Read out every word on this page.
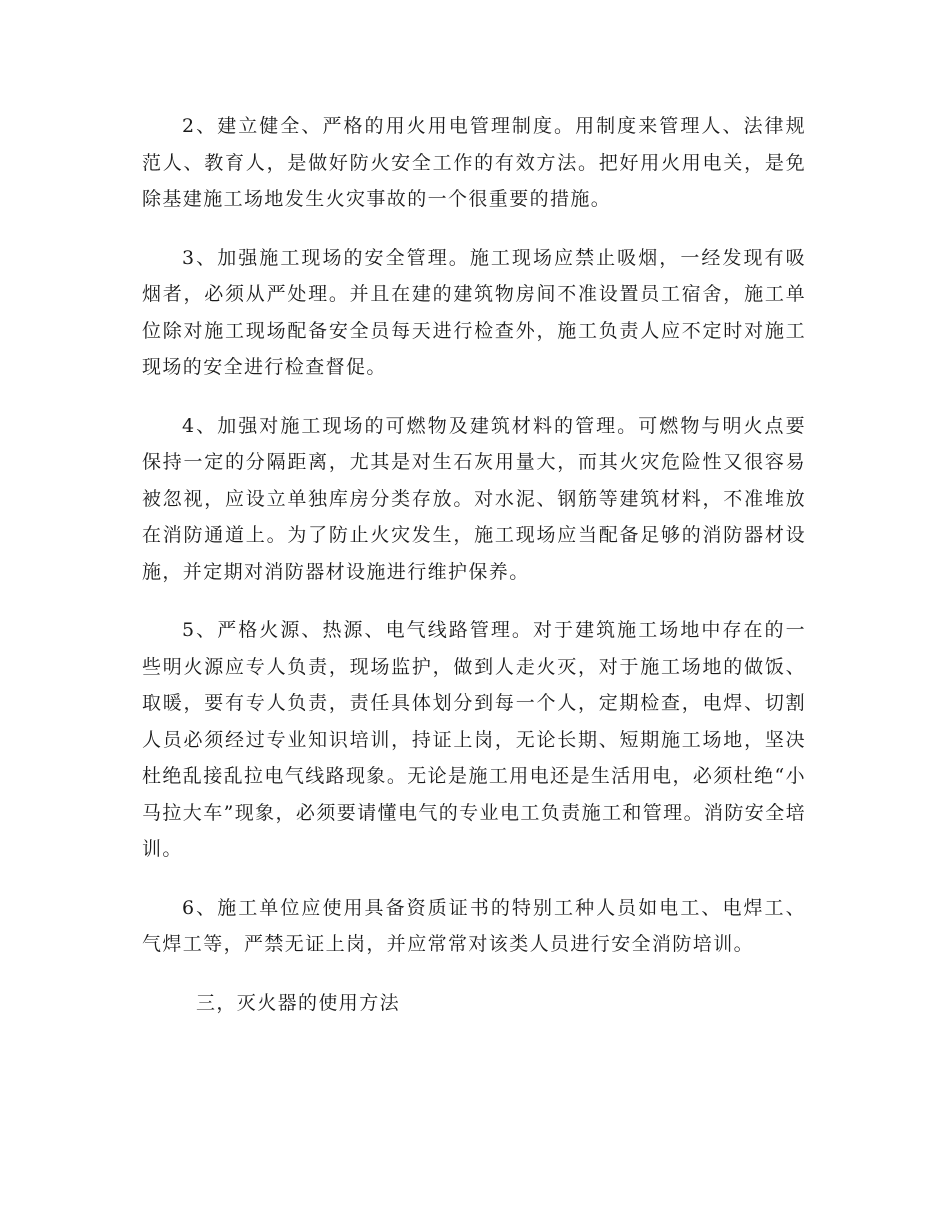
2、建立健全、严格的用火用电管理制度。用制度来管理人、法律规范人、教育人，是做好防火安全工作的有效方法。把好用火用电关，是免除基建施工场地发生火灾事故的一个很重要的措施。

3、加强施工现场的安全管理。施工现场应禁止吸烟，一经发现有吸烟者，必须从严处理。并且在建的建筑物房间不准设置员工宿舍，施工单位除对施工现场配备安全员每天进行检查外，施工负责人应不定时对施工现场的安全进行检查督促。

4、加强对施工现场的可燃物及建筑材料的管理。可燃物与明火点要保持一定的分隔距离，尤其是对生石灰用量大，而其火灾危险性又很容易被忽视，应设立单独库房分类存放。对水泥、钢筋等建筑材料，不准堆放在消防通道上。为了防止火灾发生，施工现场应当配备足够的消防器材设施，并定期对消防器材设施进行维护保养。

5、严格火源、热源、电气线路管理。对于建筑施工场地中存在的一些明火源应专人负责，现场监护，做到人走火灭，对于施工场地的做饭、取暖，要有专人负责，责任具体划分到每一个人，定期检查，电焊、切割人员必须经过专业知识培训，持证上岗，无论长期、短期施工场地，坚决杜绝乱接乱拉电气线路现象。无论是施工用电还是生活用电，必须杜绝“小马拉大车”现象，必须要请懂电气的专业电工负责施工和管理。消防安全培训。

6、施工单位应使用具备资质证书的特别工种人员如电工、电焊工、气焊工等，严禁无证上岗，并应常常对该类人员进行安全消防培训。

三，灭火器的使用方法
